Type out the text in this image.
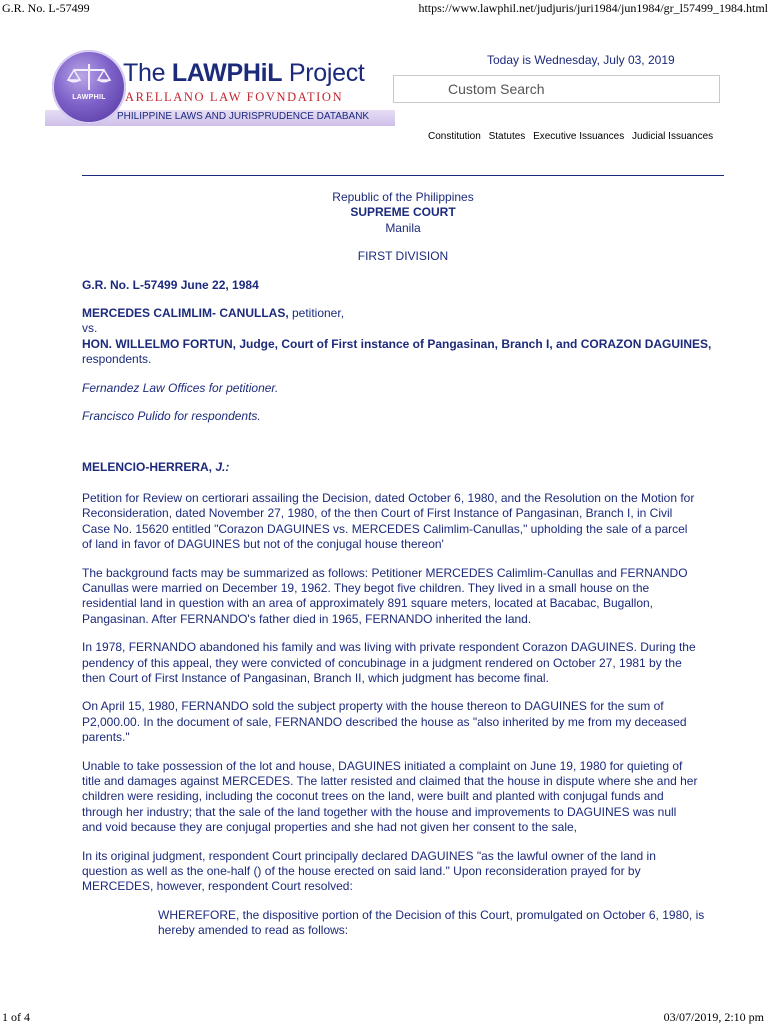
G.R. No. L-57499	https://www.lawphil.net/judjuris/juri1984/jun1984/gr_l57499_1984.html
1 of 4	03/07/2019, 2:10 pm
LAWPHIL
The LAWPHiL Project
ARELLANO LAW FOVNDATION
PHILIPPINE LAWS AND JURISPRUDENCE DATABANK
Today is Wednesday, July 03, 2019
Custom Search
Constitution Statutes Executive Issuances Judicial Issuances
Republic of the Philippines
SUPREME COURT
Manila
FIRST DIVISION

G.R. No. L-57499 June 22, 1984

MERCEDES CALIMLIM- CANULLAS, petitioner,
vs.
HON. WILLELMO FORTUN, Judge, Court of First instance of Pangasinan, Branch I, and CORAZON DAGUINES, respondents.

Fernandez Law Offices for petitioner.

Francisco Pulido for respondents.

MELENCIO-HERRERA, J.:

Petition for Review on certiorari assailing the Decision, dated October 6, 1980, and the Resolution on the Motion for
Reconsideration, dated November 27, 1980, of the then Court of First Instance of Pangasinan, Branch I, in Civil
Case No. 15620 entitled "Corazon DAGUINES vs. MERCEDES Calimlim-Canullas," upholding the sale of a parcel
of land in favor of DAGUINES but not of the conjugal house thereon'
The background facts may be summarized as follows: Petitioner MERCEDES Calimlim-Canullas and FERNANDO
Canullas were married on December 19, 1962. They begot five children. They lived in a small house on the
residential land in question with an area of approximately 891 square meters, located at Bacabac, Bugallon,
Pangasinan. After FERNANDO's father died in 1965, FERNANDO inherited the land.
In 1978, FERNANDO abandoned his family and was living with private respondent Corazon DAGUINES. During the
pendency of this appeal, they were convicted of concubinage in a judgment rendered on October 27, 1981 by the
then Court of First Instance of Pangasinan, Branch II, which judgment has become final.
On April 15, 1980, FERNANDO sold the subject property with the house thereon to DAGUINES for the sum of
P2,000.00. In the document of sale, FERNANDO described the house as "also inherited by me from my deceased
parents."
Unable to take possession of the lot and house, DAGUINES initiated a complaint on June 19, 1980 for quieting of
title and damages against MERCEDES. The latter resisted and claimed that the house in dispute where she and her
children were residing, including the coconut trees on the land, were built and planted with conjugal funds and
through her industry; that the sale of the land together with the house and improvements to DAGUINES was null
and void because they are conjugal properties and she had not given her consent to the sale,
In its original judgment, respondent Court principally declared DAGUINES "as the lawful owner of the land in
question as well as the one-half () of the house erected on said land." Upon reconsideration prayed for by
MERCEDES, however, respondent Court resolved:
WHEREFORE, the dispositive portion of the Decision of this Court, promulgated on October 6, 1980, is
hereby amended to read as follows:
